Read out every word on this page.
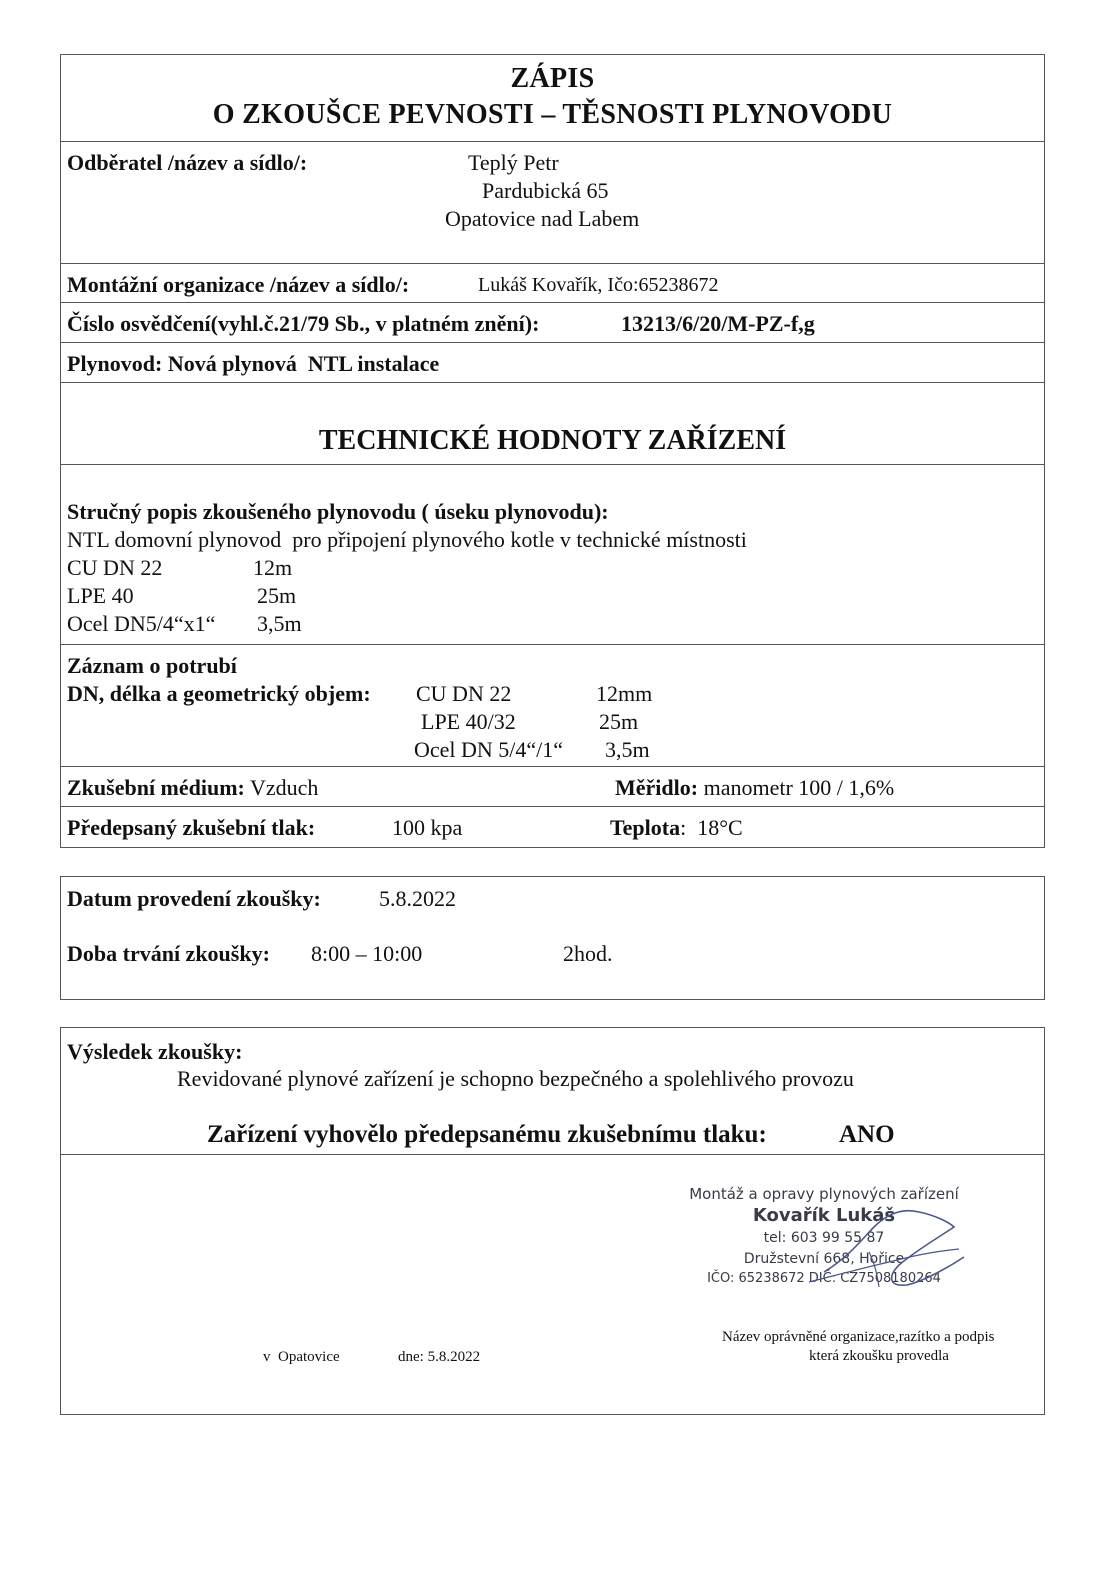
ZÁPIS
O ZKOUŠCE PEVNOSTI – TĚSNOSTI PLYNOVODU
Odběratel /název a sídlo/:	Teplý Petr
Pardubická 65
Opatovice nad Labem
Montážní organizace /název a sídlo/:	Lukáš Kovařík, Ičo:65238672
Číslo osvědčení(vyhl.č.21/79 Sb., v platném znění):	13213/6/20/M-PZ-f,g
Plynovod: Nová plynová  NTL instalace
TECHNICKÉ HODNOTY ZAŘÍZENÍ
Stručný popis zkoušeného plynovodu ( úseku plynovodu):
NTL domovní plynovod  pro připojení plynového kotle v technické místnosti
CU DN 22	12m
LPE 40	25m
Ocel DN5/4“x1“ 3,5m
Záznam o potrubí
DN, délka a geometrický objem: CU DN 22	12mm
LPE 40/32	25m
Ocel DN 5/4“/1“ 3,5m
Zkušební médium: Vzduch	Měřidlo: manometr 100 / 1,6%
Předepsaný zkušební tlak:	100 kpa	Teplota:  18°C
Datum provedení zkoušky:	5.8.2022
Doba trvání zkoušky: 8:00 – 10:00	2hod.
Výsledek zkoušky:
Revidované plynové zařízení je schopno bezpečného a spolehlivého provozu
Zařízení vyhovělo předepsanému zkušebnímu tlaku:	ANO
Montáž a opravy plynových zařízení
Kovařík Lukáš
tel: 603 99 55 87
Družstevní 668, Hořice
IČO: 65238672 DIČ: CZ7508180264
Název oprávněné organizace,razítko a podpis
která zkoušku provedla
v  Opatovice	dne: 5.8.2022
